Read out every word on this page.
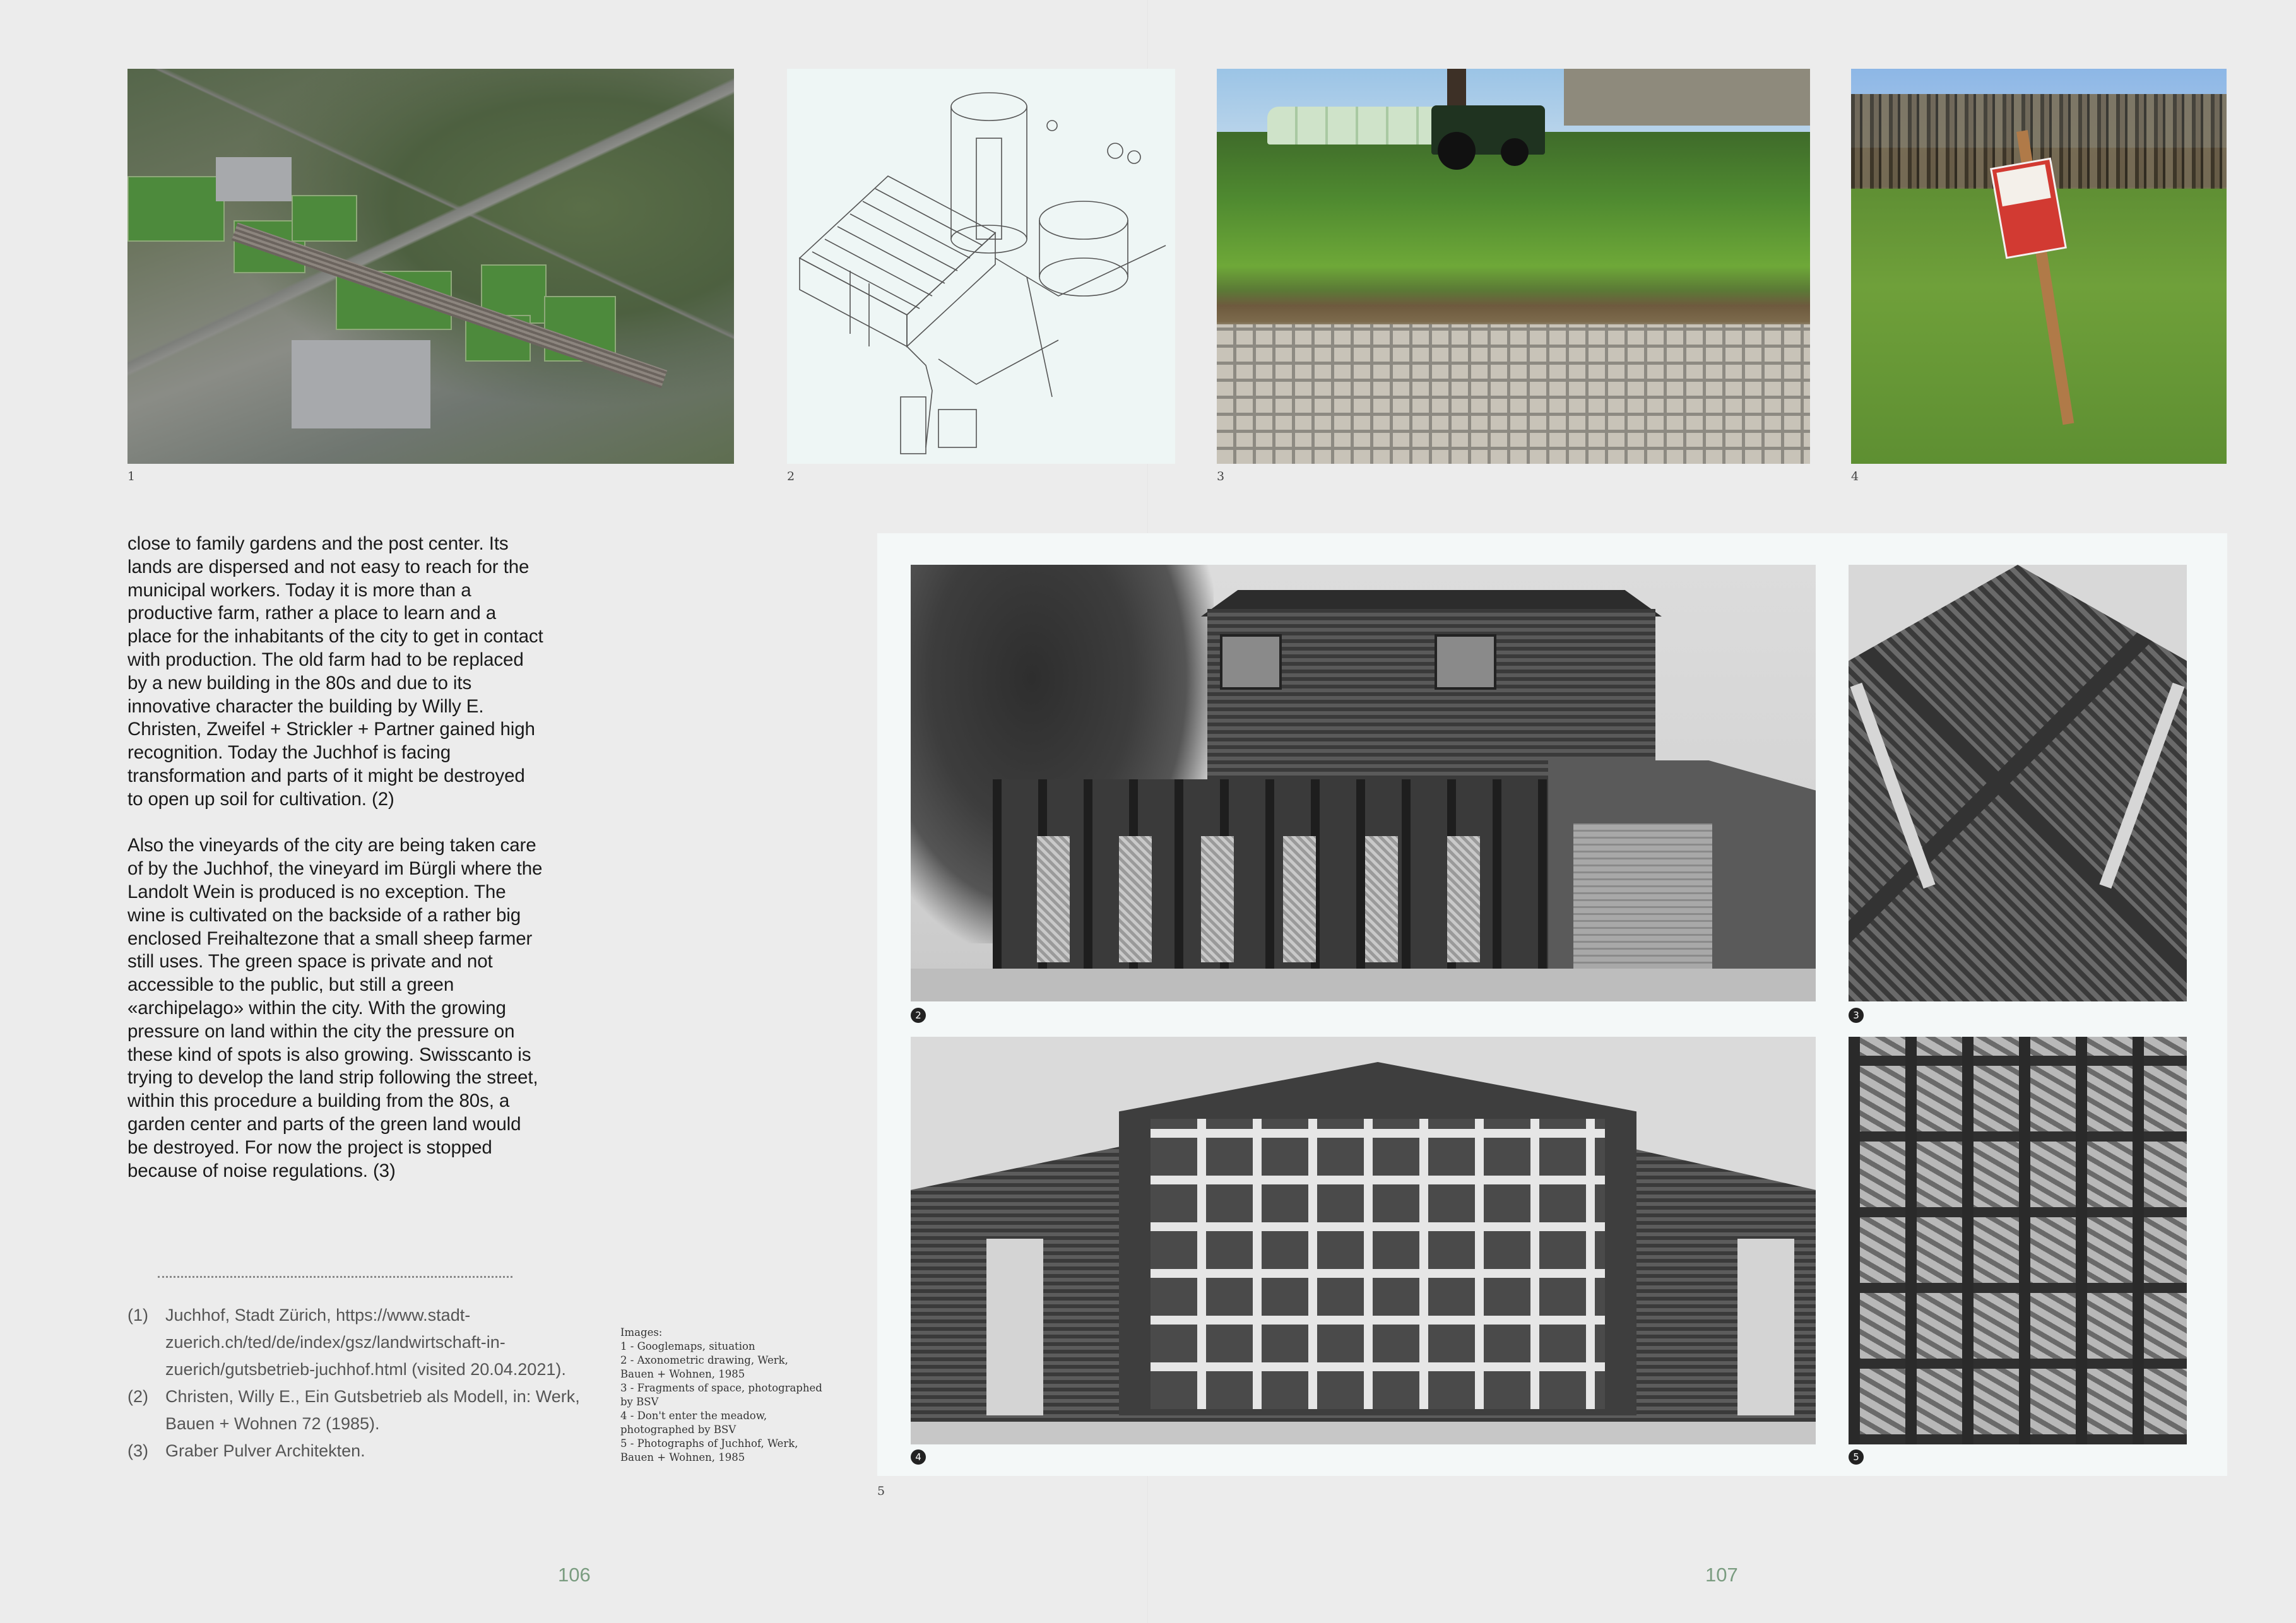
1	2	3	4

close to family gardens and the post center. Its lands are dispersed and not easy to reach for the municipal workers. Today it is more than a productive farm, rather a place to learn and a place for the inhabitants of the city to get in contact with production. The old farm had to be replaced by a new building in the 80s and due to its innovative character the building by Willy E. Christen, Zweifel + Strickler + Partner gained high recognition. Today the Juchhof is facing transformation and parts of it might be destroyed to open up soil for cultivation. (2)

Also the vineyards of the city are being taken care of by the Juchhof, the vineyard im Bürgli where the Landolt Wein is produced is no exception. The wine is cultivated on the backside of a rather big enclosed Freihaltezone that a small sheep farmer still uses. The green space is private and not accessible to the public, but still a green «archipelago» within the city. With the growing pressure on land within the city the pressure on these kind of spots is also growing. Swisscanto is trying to develop the land strip following the street, within this procedure a building from the 80s, a garden center and parts of the green land would be destroyed. For now the project is stopped because of noise regulations. (3)

(1)	Juchhof, Stadt Zürich, https://www.stadt-zuerich.ch/ted/de/index/gsz/landwirtschaft-in-zuerich/gutsbetrieb-juchhof.html (visited 20.04.2021).
(2)	Christen, Willy E., Ein Gutsbetrieb als Modell, in: Werk, Bauen + Wohnen 72 (1985).
(3)	Graber Pulver Architekten.
Images:
1 - Googlemaps, situation
2 - Axonometric drawing, Werk, Bauen + Wohnen, 1985
3 - Fragments of space, photographed by BSV
4 - Don't enter the meadow, photographed by BSV
5 - Photographs of Juchhof, Werk, Bauen + Wohnen, 1985
2	3
4	5
5
106	107
